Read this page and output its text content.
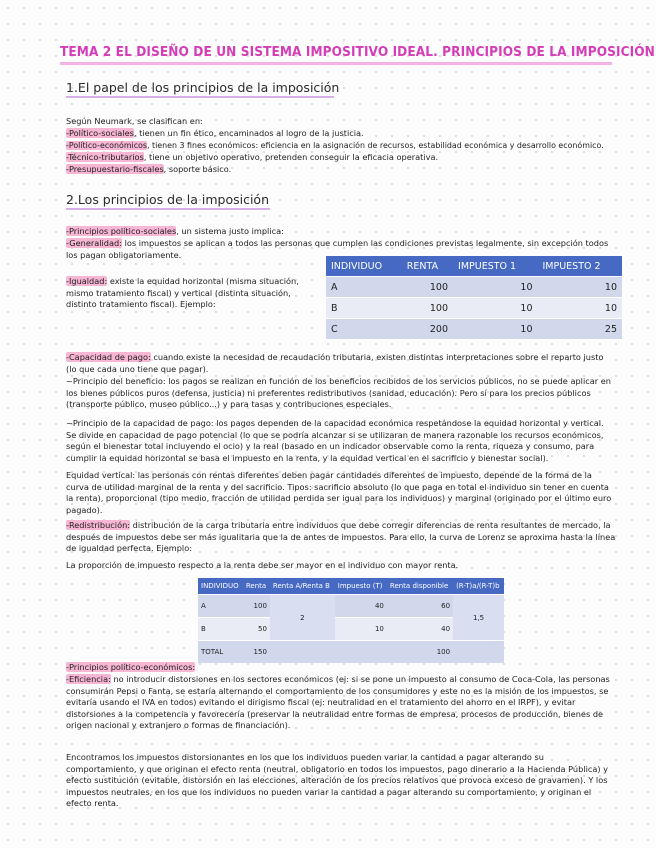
TEMA 2 EL DISEÑO DE UN SISTEMA IMPOSITIVO IDEAL. PRINCIPIOS DE LA IMPOSICIÓN
1.El papel de los principios de la imposición
Según Neumark, se clasifican en:
-Político-sociales, tienen un fin ético, encaminados al logro de la justicia.
-Político-económicos, tienen 3 fines económicos: eficiencia en la asignación de recursos, estabilidad económica y desarrollo económico.
-Técnico-tributarios, tiene un objetivo operativo, pretenden conseguir la eficacia operativa.
-Presupuestario-fiscales, soporte básico.
2.Los principios de la imposición
-Principios político-sociales, un sistema justo implica:
-Generalidad: los impuestos se aplican a todos las personas que cumplen las condiciones previstas legalmente, sin excepción todos los pagan obligatoriamente.
-Igualdad: existe la equidad horizontal (misma situación, mismo tratamiento fiscal) y vertical (distinta situación, distinto tratamiento fiscal). Ejemplo:
INDIVIDUO	RENTA	IMPUESTO 1	IMPUESTO 2
A	100	10	10
B	100	10	10
C	200	10	25
-Capacidad de pago: cuando existe la necesidad de recaudación tributaria, existen distintas interpretaciones sobre el reparto justo (lo que cada uno tiene que pagar).
~Principio del beneficio: los pagos se realizan en función de los beneficios recibidos de los servicios públicos, no se puede aplicar en los bienes públicos puros (defensa, justicia) ni preferentes redistributivos (sanidad, educación). Pero sí para los precios públicos (transporte público, museo público...) y para tasas y contribuciones especiales.
~Principio de la capacidad de pago: los pagos dependen de la capacidad económica respetándose la equidad horizontal y vertical. Se divide en capacidad de pago potencial (lo que se podría alcanzar si se utilizaran de manera razonable los recursos económicos, según el bienestar total incluyendo el ocio) y la real (basado en un indicador observable como la renta, riqueza y consumo, para cumplir la equidad horizontal se basa el impuesto en la renta, y la equidad vertical en el sacrificio y bienestar social).
Equidad vertical: las personas con rentas diferentes deben pagar cantidades diferentes de impuesto, depende de la forma de la curva de utilidad marginal de la renta y del sacrificio. Tipos: sacrificio absoluto (lo que paga en total el individuo sin tener en cuenta la renta), proporcional (tipo medio, fracción de utilidad perdida ser igual para los individuos) y marginal (originado por el último euro pagado).
-Redistribución: distribución de la carga tributaria entre individuos que debe corregir diferencias de renta resultantes de mercado, la después de impuestos debe ser más igualitaria que la de antes de impuestos. Para ello, la curva de Lorenz se aproxima hasta la línea de igualdad perfecta. Ejemplo:
La proporción de impuesto respecto a la renta debe ser mayor en el individuo con mayor renta.
INDIVIDUO	Renta	Renta A/Renta B	Impuesto (T)	Renta disponible	(R-T)a/(R-T)b
A	100	2	40	60	1,5
B	50		10	40	
TOTAL	150			100	
-Principios político-económicos:
-Eficiencia: no introducir distorsiones en los sectores económicos (ej: si se pone un impuesto al consumo de Coca-Cola, las personas consumirán Pepsi o Fanta, se estaría alternando el comportamiento de los consumidores y este no es la misión de los impuestos, se evitaría usando el IVA en todos) evitando el dirigismo fiscal (ej: neutralidad en el tratamiento del ahorro en el IRPF), y evitar distorsiones a la competencia y favorecería (preservar la neutralidad entre formas de empresa, procesos de producción, bienes de origen nacional y extranjero o formas de financiación).
Encontramos los impuestos distorsionantes en los que los individuos pueden variar la cantidad a pagar alterando su comportamiento, y que originan el efecto renta (neutral, obligatorio en todos los impuestos, pago dinerario a la Hacienda Pública) y efecto sustitución (evitable, distorsión en las elecciones, alteración de los precios relativos que provoca exceso de gravamen). Y los impuestos neutrales, en los que los individuos no pueden variar la cantidad a pagar alterando su comportamiento, y originan el efecto renta.
